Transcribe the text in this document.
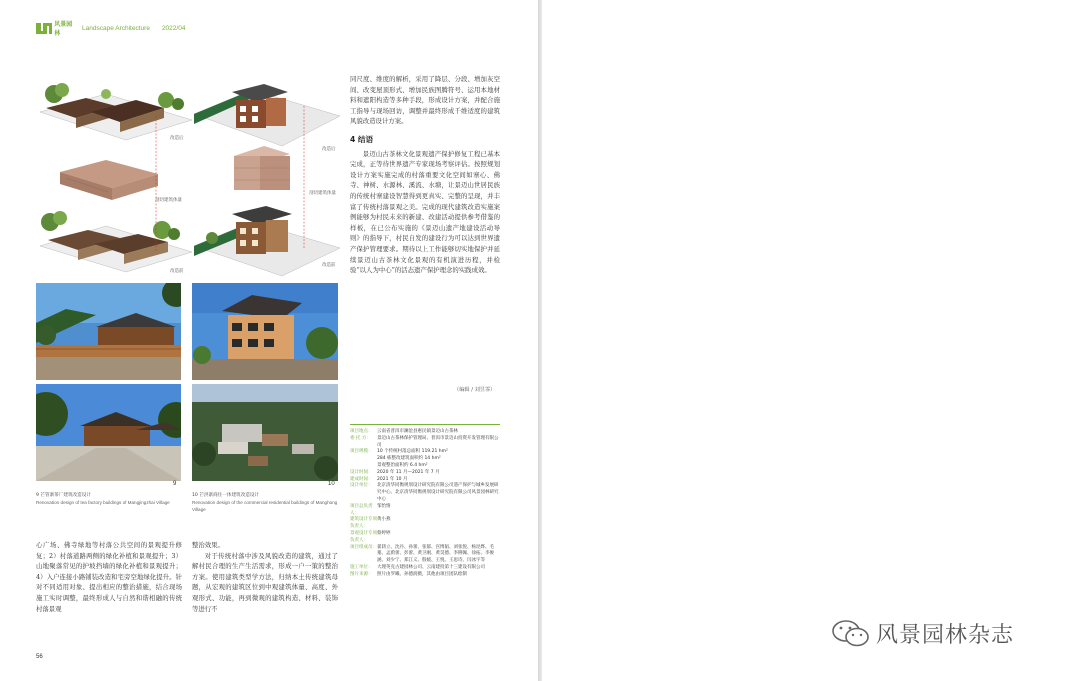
风景园林
Landscape Architecture 2022/04
改造后
剖切建筑体量
改造前
改造后
剖切建筑体量
改造前
9	10
9 芒管寨茶厂建筑改造设计
Renovation design of tea factory buildings of Mangjingzhai Village
10 芒洪寨商住一体建筑改造设计
Renovation design of the commercial residential buildings of Manghong Village

心广场、佛寺绿地等村落公共空间的景观提升修复；2）村落道路两侧的绿化补植和景观提升；3）山地聚落常见的护坡挡墙的绿化补植和景观提升；4）入户连接小路铺装改造和宅旁空地绿化提升。针对不同适用对象、提出相应的整治措施，结合现场施工实时调整，最终形成人与自然和谐相融的传统村落景观

整治效果。

对于传统村落中涉及风貌改造的建筑，通过了解村民合理的生产生活需求，形成一户一策的整治方案。使用建筑类型学方法，归纳本土传统建筑母题，从宏观的建筑区位到中观建筑体量、高度、外观形式、功能，再到微观的建筑构造、材料、装饰等进行不

同尺度、维度的解析，采用了降层、分段、增加灰空间、改变屋顶形式、增加民族图腾符号、运用本地材料和遮阳构造等多种手段，形成设计方案，并配合施工指导与现场回访，调整并最终形成千维适度的建筑风貌改造设计方案。

4 结语

景迈山古茶林文化景观遗产保护修复工程已基本完成，正等待世界遗产专家现场考察评估。按照规划设计方案实施完成的村落重要文化空间如寨心、佛寺、神树、水源林、溪流、水塘，让景迈山世居民族的传统村寨建设智慧得到更真实、完整的呈现，并丰富了传统村落景观之美。完成的现代建筑改造实施案例能够为村民未来的新建、改建活动提供参考借鉴的样板，在已公布实施的《景迈山遗产地建设活动导则》的指导下，村民自发的建设行为可以达到世界遗产保护管理要求。期待以上工作能够切实地保护并延续景迈山古茶林文化景观的有机演进历程，并检验“以人为中心”的活态遗产保护理念的实践成效。

（编辑 / 刘昱霏）
项目地点：	云南省普洱市澜沧县惠民镇景迈山古茶林
委 托 方：	景迈山古茶林保护管理局、普洱市景迈山投资开发管理有限公司
项目规模：	10 个传统村落总面积 119.21 hm²
284 栋整改建筑面积约 14 hm²
景观整治面积约 6.4 hm²
设计时间：	2020 年 11 月—2021 年 7 月
建成时间：	2021 年 10 月
设计单位：	北京清华同衡规划设计研究院有限公司遗产保护与城乡发展研究中心、北京清华同衡规划设计研究院有限公司风景园林研究中心
项目总负责人：
邹怡情
建筑设计专项负责人：
黄小燕
景观设计专项负责人：
蔡婷婷
项目组成员： 翟鸫立、沈丹、孙蕾、张郁、宫博韬、刘张悦、杨昆烨、毛蓁、孟蔚蕾、彭蕾、黄卫刚、黄昊德、李俐佩、徐拓、李俊涵、刘少宁、郑江义、殷媛、王悦、王思诗、闫冰宇等
施工单位：	大理英克古建园林公司、云南建投第十三建设有限公司
图片来源：	照片由罗曦、孙德润摄，其他由项目团队绘制
56
风景园林杂志
